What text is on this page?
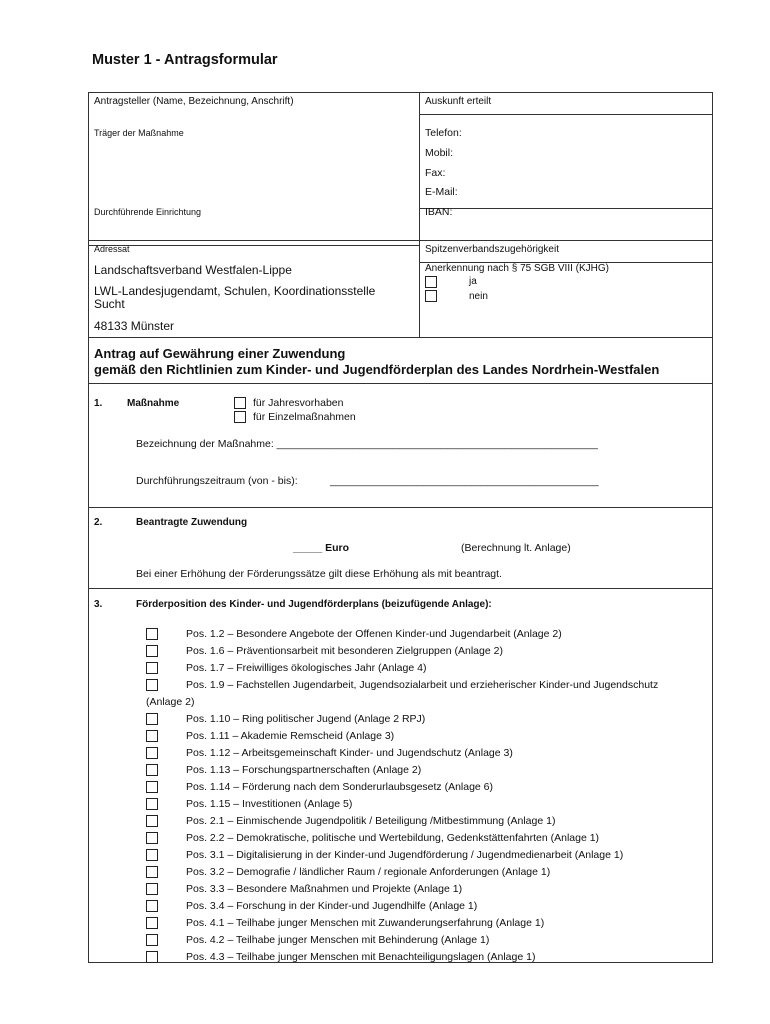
Muster 1 - Antragsformular
Antragsteller (Name, Bezeichnung, Anschrift)
Träger der Maßnahme
Durchführende Einrichtung
Adressat
Landschaftsverband Westfalen-Lippe
LWL-Landesjugendamt, Schulen, Koordinationsstelle
Sucht
48133 Münster
Auskunft erteilt
Telefon:
Mobil:
Fax:
E-Mail:
IBAN:
Spitzenverbandszugehörigkeit
Anerkennung nach § 75 SGB VIII (KJHG)
ja
nein
Antrag auf Gewährung einer Zuwendung
gemäß den Richtlinien zum Kinder- und Jugendförderplan des Landes Nordrhein-Westfalen
1. Maßnahme	für Jahresvorhaben
für Einzelmaßnahmen
Bezeichnung der Maßnahme: _______________________________________________________
Durchführungszeitraum (von - bis):	______________________________________________
2.	Beantragte Zuwendung
_____ Euro	(Berechnung lt. Anlage)
Bei einer Erhöhung der Förderungssätze gilt diese Erhöhung als mit beantragt.
3.	Förderposition des Kinder- und Jugendförderplans (beizufügende Anlage):
Pos. 1.2 – Besondere Angebote der Offenen Kinder-und Jugendarbeit (Anlage 2)
Pos. 1.6 – Präventionsarbeit mit besonderen Zielgruppen (Anlage 2)
Pos. 1.7 – Freiwilliges ökologisches Jahr (Anlage 4)
Pos. 1.9 – Fachstellen Jugendarbeit, Jugendsozialarbeit und erzieherischer Kinder-und Jugendschutz
(Anlage 2)
Pos. 1.10 – Ring politischer Jugend (Anlage 2 RPJ)
Pos. 1.11 – Akademie Remscheid (Anlage 3)
Pos. 1.12 – Arbeitsgemeinschaft Kinder- und Jugendschutz (Anlage 3)
Pos. 1.13 – Forschungspartnerschaften (Anlage 2)
Pos. 1.14 – Förderung nach dem Sonderurlaubsgesetz (Anlage 6)
Pos. 1.15 – Investitionen (Anlage 5)
Pos. 2.1 – Einmischende Jugendpolitik / Beteiligung /Mitbestimmung (Anlage 1)
Pos. 2.2 – Demokratische, politische und Wertebildung, Gedenkstättenfahrten (Anlage 1)
Pos. 3.1 – Digitalisierung in der Kinder-und Jugendförderung / Jugendmedienarbeit (Anlage 1)
Pos. 3.2 – Demografie / ländlicher Raum / regionale Anforderungen (Anlage 1)
Pos. 3.3 – Besondere Maßnahmen und Projekte (Anlage 1)
Pos. 3.4 – Forschung in der Kinder-und Jugendhilfe (Anlage 1)
Pos. 4.1 – Teilhabe junger Menschen mit Zuwanderungserfahrung (Anlage 1)
Pos. 4.2 – Teilhabe junger Menschen mit Behinderung (Anlage 1)
Pos. 4.3 – Teilhabe junger Menschen mit Benachteiligungslagen (Anlage 1)
